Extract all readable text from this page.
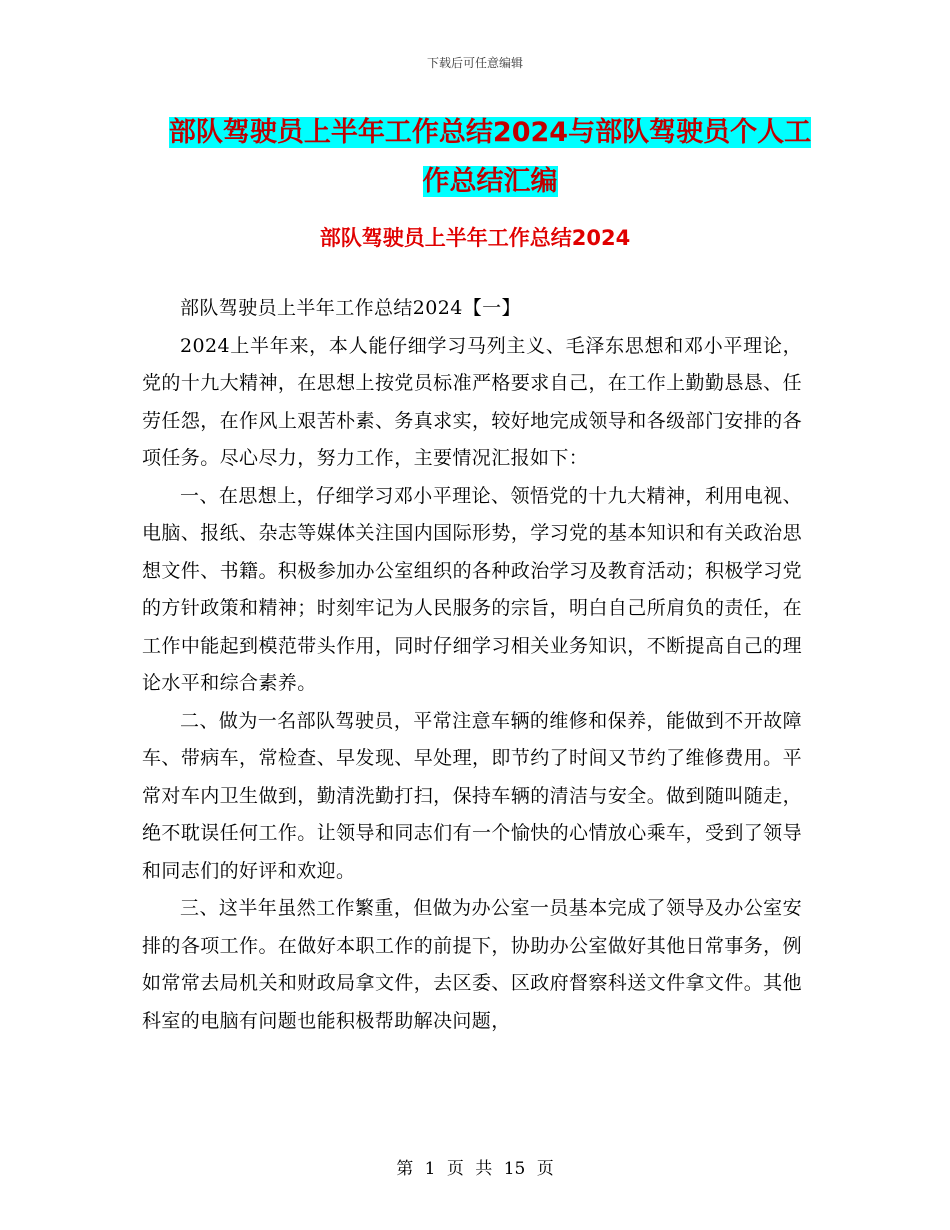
下载后可任意编辑
部队驾驶员上半年工作总结2024与部队驾驶员个人工
作总结汇编
部队驾驶员上半年工作总结2024

部队驾驶员上半年工作总结2024【一】

2024上半年来，本人能仔细学习马列主义、毛泽东思想和邓小平理论，党的十九大精神，在思想上按党员标准严格要求自己，在工作上勤勤恳恳、任劳任怨，在作风上艰苦朴素、务真求实，较好地完成领导和各级部门安排的各项任务。尽心尽力，努力工作，主要情况汇报如下：

一、在思想上，仔细学习邓小平理论、领悟党的十九大精神，利用电视、电脑、报纸、杂志等媒体关注国内国际形势，学习党的基本知识和有关政治思想文件、书籍。积极参加办公室组织的各种政治学习及教育活动；积极学习党的方针政策和精神；时刻牢记为人民服务的宗旨，明白自己所肩负的责任，在工作中能起到模范带头作用，同时仔细学习相关业务知识，不断提高自己的理论水平和综合素养。

二、做为一名部队驾驶员，平常注意车辆的维修和保养，能做到不开故障车、带病车，常检查、早发现、早处理，即节约了时间又节约了维修费用。平常对车内卫生做到，勤清洗勤打扫，保持车辆的清洁与安全。做到随叫随走，绝不耽误任何工作。让领导和同志们有一个愉快的心情放心乘车，受到了领导和同志们的好评和欢迎。

三、这半年虽然工作繁重，但做为办公室一员基本完成了领导及办公室安排的各项工作。在做好本职工作的前提下，协助办公室做好其他日常事务，例如常常去局机关和财政局拿文件，去区委、区政府督察科送文件拿文件。其他科室的电脑有问题也能积极帮助解决问题，

第 1 页 共 15 页
